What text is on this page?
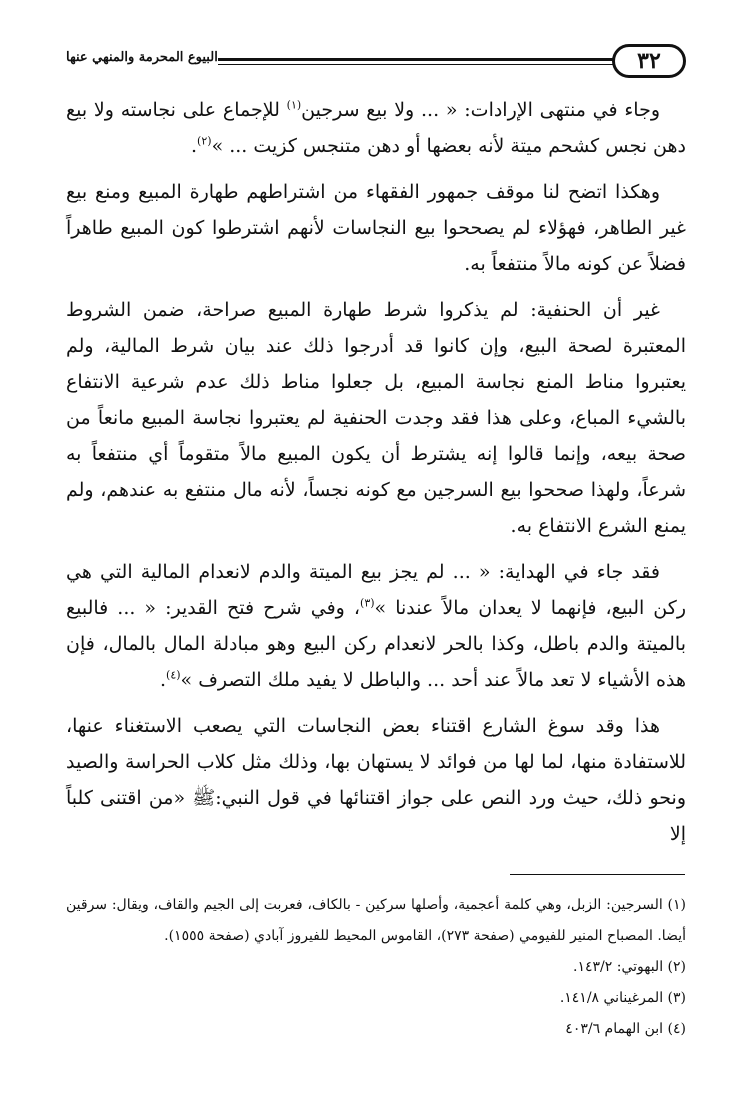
البيوع المحرمة والمنهي عنها	٣٢

وجاء في منتهى الإرادات: « ... ولا بيع سرجين$^{(١)}$ للإجماع على نجاسته ولا بيع دهن نجس كشحم ميتة لأنه بعضها أو دهن متنجس كزيت ... »$^{(٢)}$.

وهكذا اتضح لنا موقف جمهور الفقهاء من اشتراطهم طهارة المبيع ومنع بيع غير الطاهر، فهؤلاء لم يصححوا بيع النجاسات لأنهم اشترطوا كون المبيع طاهراً فضلاً عن كونه مالاً منتفعاً به.

غير أن الحنفية: لم يذكروا شرط طهارة المبيع صراحة، ضمن الشروط المعتبرة لصحة البيع، وإن كانوا قد أدرجوا ذلك عند بيان شرط المالية، ولم يعتبروا مناط المنع نجاسة المبيع، بل جعلوا مناط ذلك عدم شرعية الانتفاع بالشيء المباع، وعلى هذا فقد وجدت الحنفية لم يعتبروا نجاسة المبيع مانعاً من صحة بيعه، وإنما قالوا إنه يشترط أن يكون المبيع مالاً متقوماً أي منتفعاً به شرعاً، ولهذا صححوا بيع السرجين مع كونه نجساً، لأنه مال منتفع به عندهم، ولم يمنع الشرع الانتفاع به.

فقد جاء في الهداية: « ... لم يجز بيع الميتة والدم لانعدام المالية التي هي ركن البيع، فإنهما لا يعدان مالاً عندنا »$^{(٣)}$، وفي شرح فتح القدير: « ... فالبيع بالميتة والدم باطل، وكذا بالحر لانعدام ركن البيع وهو مبادلة المال بالمال، فإن هذه الأشياء لا تعد مالاً عند أحد ... والباطل لا يفيد ملك التصرف »$^{(٤)}$.

هذا وقد سوغ الشارع اقتناء بعض النجاسات التي يصعب الاستغناء عنها، للاستفادة منها، لما لها من فوائد لا يستهان بها، وذلك مثل كلاب الحراسة والصيد ونحو ذلك، حيث ورد النص على جواز اقتنائها في قول النبي:ﷺ «من اقتنى كلباً إلا

(١) السرجين: الزبل، وهي كلمة أعجمية، وأصلها سركين - بالكاف، فعربت إلى الجيم والقاف، ويقال: سرقين أيضا. المصباح المنير للفيومي (صفحة ٢٧٣)، القاموس المحيط للفيروز آبادي (صفحة ١٥٥٥).

(٢) البهوتي: ١٤٣/٢.

(٣) المرغيناني ١٤١/٨.

(٤) ابن الهمام ٤٠٣/٦
